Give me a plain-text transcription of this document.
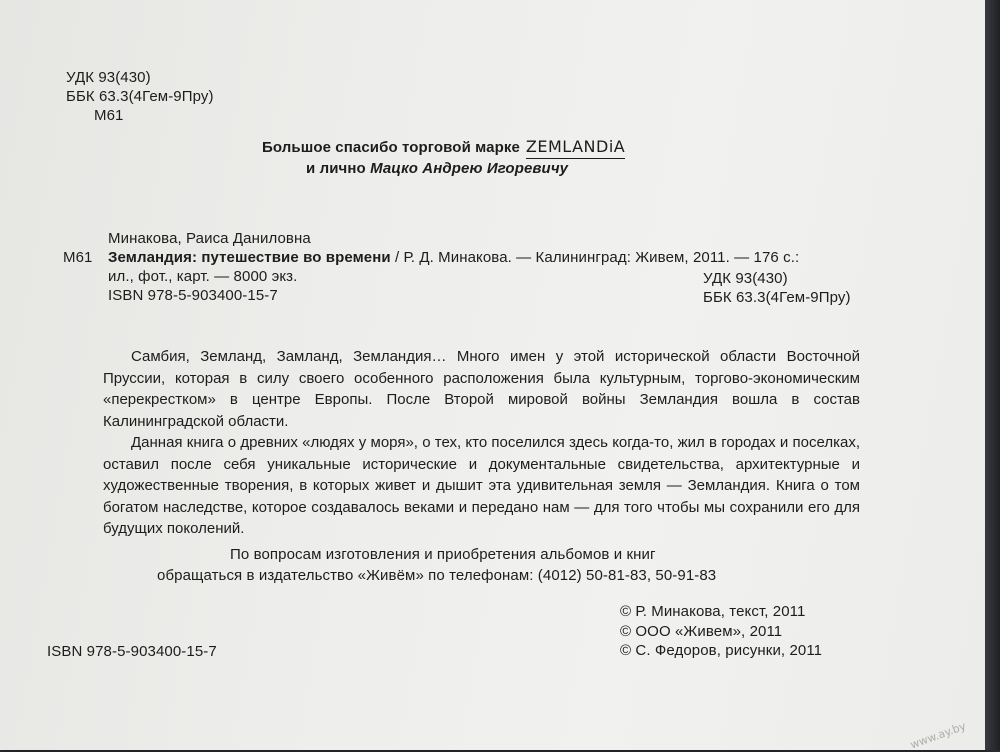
УДК 93(430)
ББК 63.3(4Гем-9Пру)
М61
Большое спасибо торговой марке ZEMLANDiA
и лично Мацко Андрею Игоревичу
Минакова, Раиса Даниловна
М61 Земландия: путешествие во времени / Р. Д. Минакова. — Калининград: Живем, 2011. — 176 с.:
ил., фот., карт. — 8000 экз.
ISBN 978-5-903400-15-7
УДК 93(430)
ББК 63.3(4Гем-9Пру)

Самбия, Земланд, Замланд, Земландия… Много имен у этой исторической области Восточной Пруссии, которая в силу своего особенного расположения была культурным, торгово-экономическим «перекрестком» в центре Европы. После Второй мировой войны Земландия вошла в состав Калининградской области.

Данная книга о древних «людях у моря», о тех, кто поселился здесь когда-то, жил в городах и поселках, оставил после себя уникальные исторические и документальные свидетельства, архитектурные и художественные творения, в которых живет и дышит эта удивительная земля — Земландия. Книга о том богатом наследстве, которое создавалось веками и передано нам — для того чтобы мы сохранили его для будущих поколений.

По вопросам изготовления и приобретения альбомов и книг
обращаться в издательство «Живём» по телефонам: (4012) 50-81-83, 50-91-83
© Р. Минакова, текст, 2011
© ООО «Живем», 2011
© С. Федоров, рисунки, 2011
ISBN 978-5-903400-15-7
www.ay.by
